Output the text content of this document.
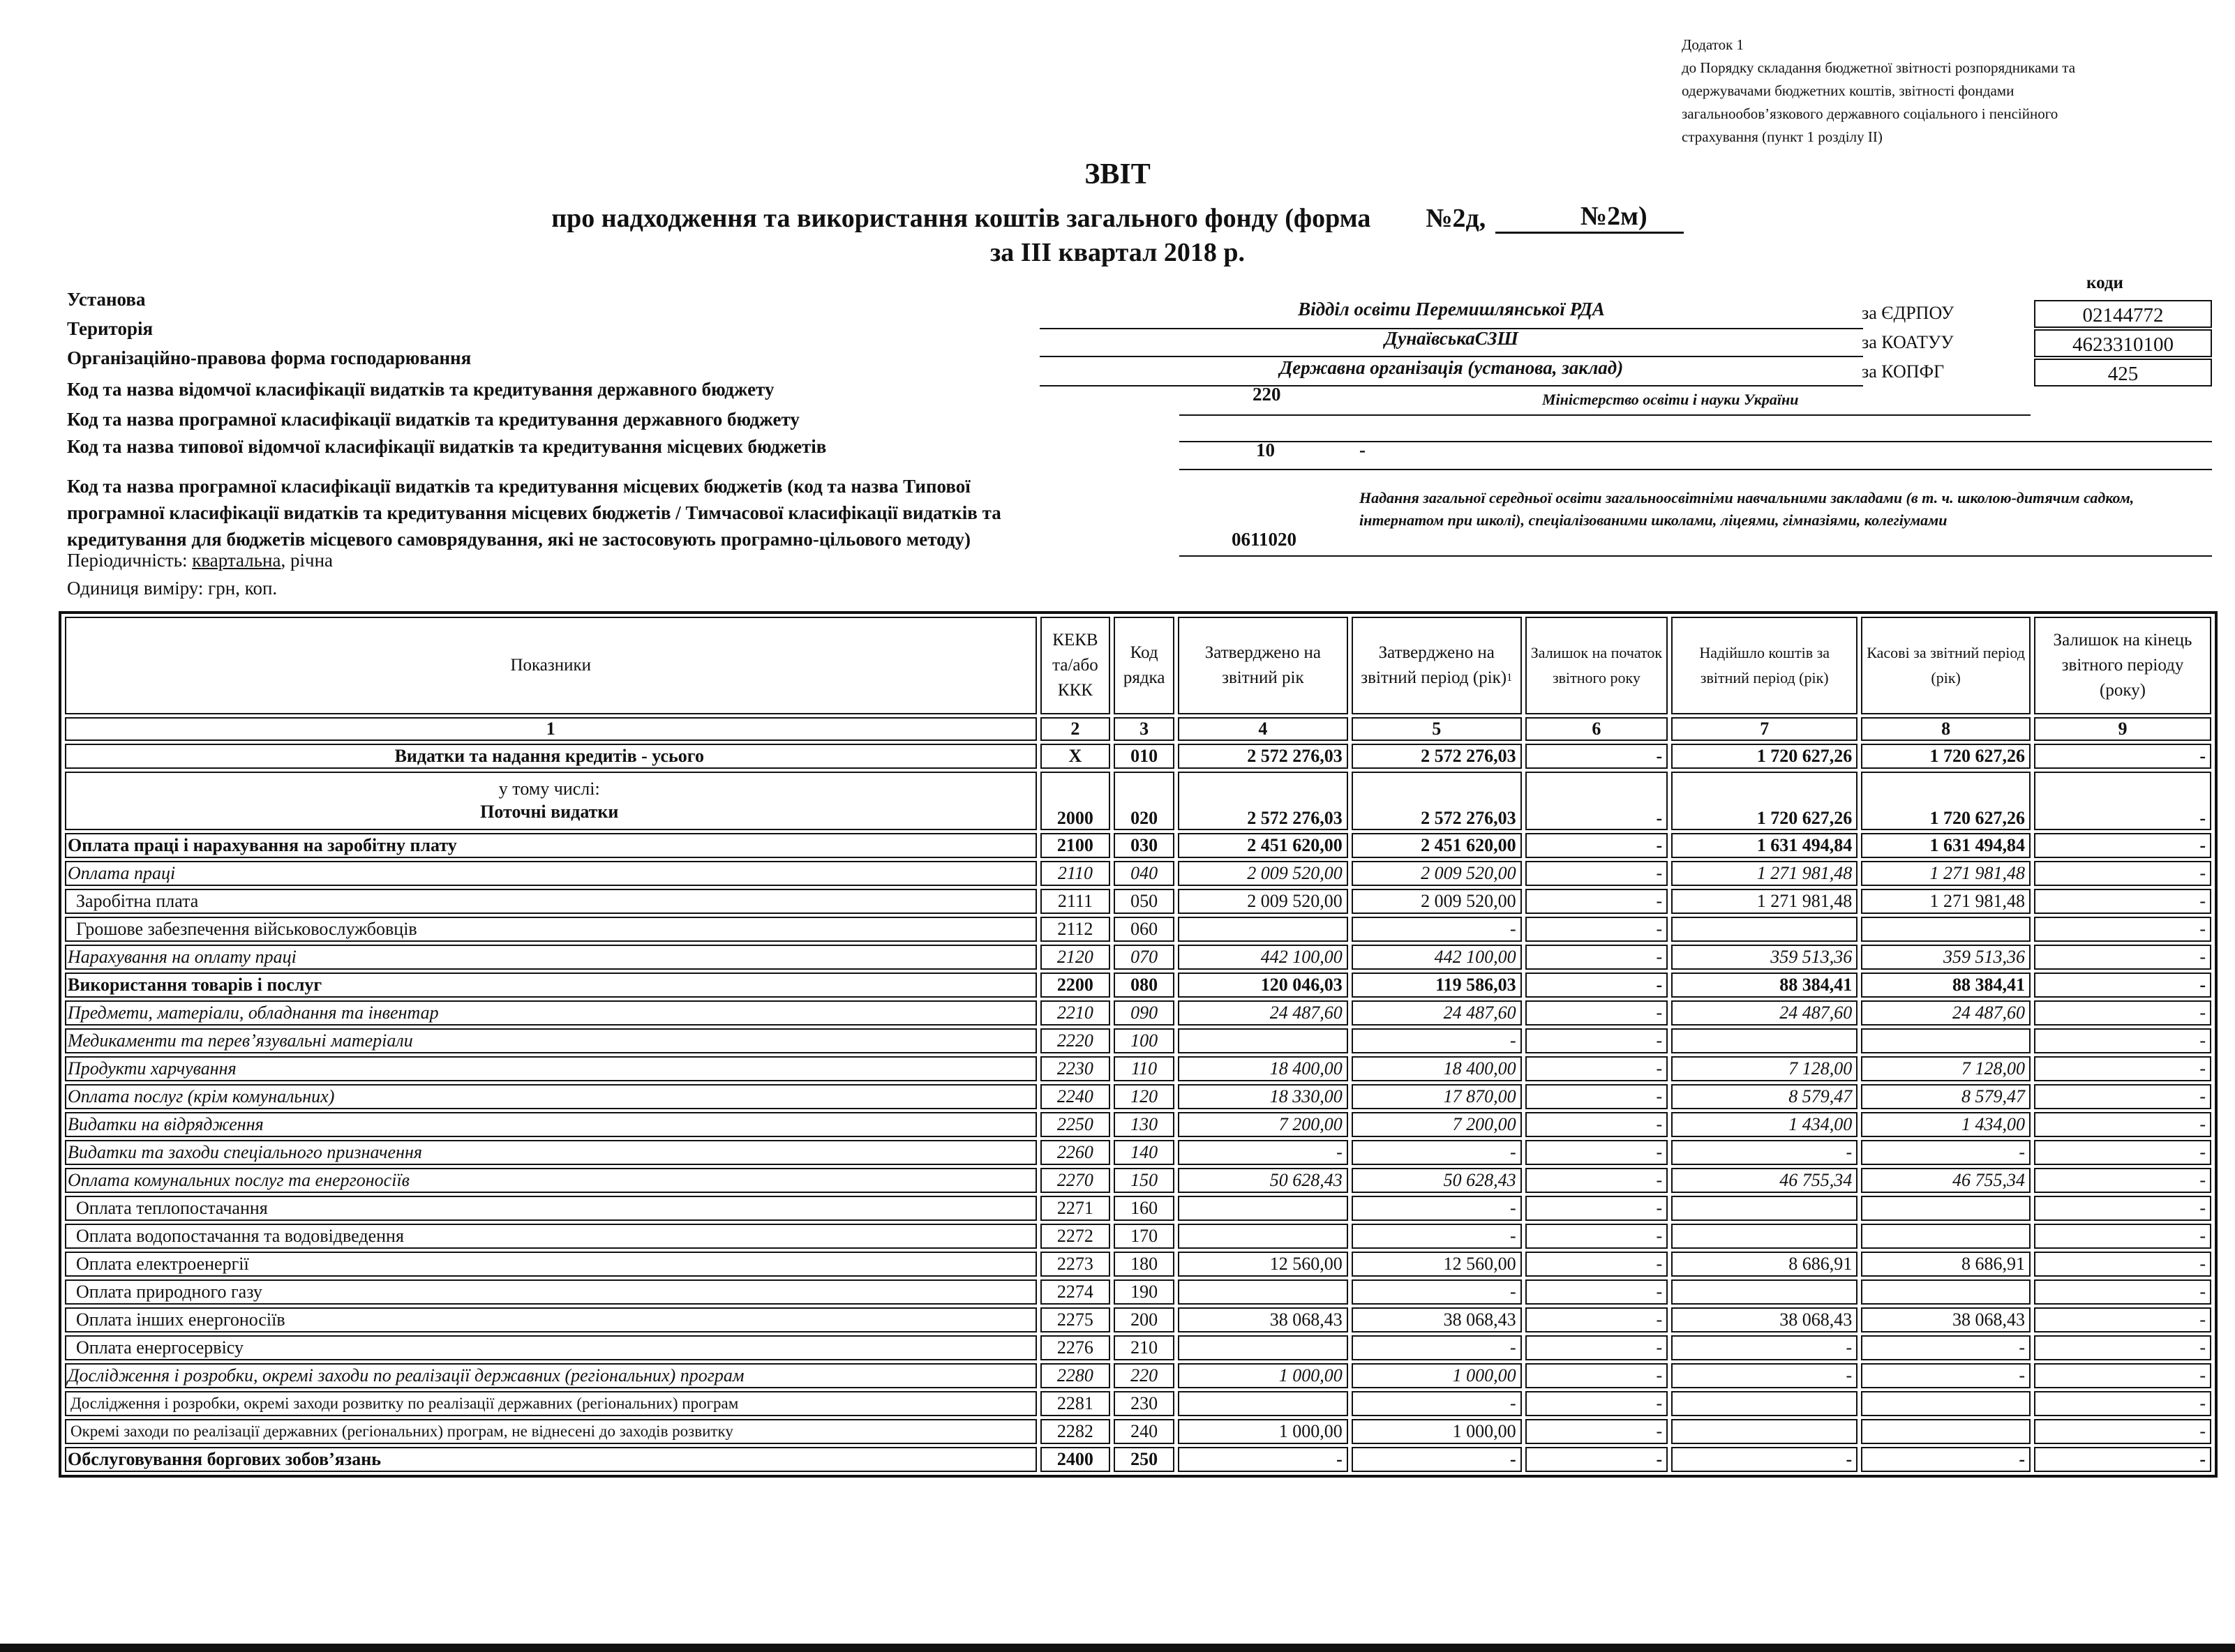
Додаток 1
до Порядку складання бюджетної звітності розпорядниками та
одержувачами бюджетних коштів, звітності фондами
загальнообов’язкового державного соціального і пенсійного
страхування (пункт 1 розділу ІІ)
ЗВІТ
про надходження та використання коштів загального фонду (форма №2д,	№2м)
за ІІІ квартал 2018 р.
коди
Установа	Відділ освіти Перемишлянської РДА	за ЄДРПОУ	02144772
Територія	ДунаївськаСЗШ	за КОАТУУ	4623310100
Організаційно-правова форма господарювання	Державна організація (установа, заклад)	за КОПФГ	425
Код та назва відомчої класифікації видатків та кредитування державного бюджету	220	Міністерство освіти і науки України
Код та назва програмної класифікації видатків та кредитування державного бюджету
Код та назва типової відомчої класифікації видатків та кредитування місцевих бюджетів	10	-
Код та назва програмної класифікації видатків та кредитування місцевих бюджетів (код та назва Типової
програмної класифікації видатків та кредитування місцевих бюджетів / Тимчасової класифікації видатків та
кредитування для бюджетів місцевого самоврядування, які не застосовують програмно-цільового методу)	0611020
Надання загальної середньої освіти загальноосвітніми навчальними закладами (в т. ч. школою-дитячим садком, інтернатом при школі), спеціалізованими школами, ліцеями, гімназіями, колегіумами
Періодичність: квартальна, річна
Одиниця виміру: грн, коп.
Показники	КЕКВ та/або ККК	Код рядка	Затверджено на звітний рік	Затверджено на звітний період (рік)$^1$	Залишок на початок звітного року	Надійшло коштів за звітний період (рік)	Касові за звітний період (рік)	Залишок на кінець звітного періоду (року)
1	2	3	4	5	6	7	8	9
Видатки та надання кредитів - усього	X	010	2 572 276,03	2 572 276,03	-	1 720 627,26	1 720 627,26	-

у тому числі:
Поточні видатки	2000	020	2 572 276,03	2 572 276,03	-	1 720 627,26	1 720 627,26	-
Оплата праці і нарахування на заробітну плату	2100	030	2 451 620,00	2 451 620,00	-	1 631 494,84	1 631 494,84	-
Оплата праці	2110	040	2 009 520,00	2 009 520,00	-	1 271 981,48	1 271 981,48	-
Заробітна плата	2111	050	2 009 520,00	2 009 520,00	-	1 271 981,48	1 271 981,48	-
Грошове забезпечення військовослужбовців	2112	060		-	-			-
Нарахування на оплату праці	2120	070	442 100,00	442 100,00	-	359 513,36	359 513,36	-
Використання товарів і послуг	2200	080	120 046,03	119 586,03	-	88 384,41	88 384,41	-
Предмети, матеріали, обладнання та інвентар	2210	090	24 487,60	24 487,60	-	24 487,60	24 487,60	-
Медикаменти та перев’язувальні матеріали	2220	100		-	-			-
Продукти харчування	2230	110	18 400,00	18 400,00	-	7 128,00	7 128,00	-
Оплата послуг (крім комунальних)	2240	120	18 330,00	17 870,00	-	8 579,47	8 579,47	-
Видатки на відрядження	2250	130	7 200,00	7 200,00	-	1 434,00	1 434,00	-
Видатки та заходи спеціального призначення	2260	140	-	-	-	-	-	-
Оплата комунальних послуг та енергоносіїв	2270	150	50 628,43	50 628,43	-	46 755,34	46 755,34	-
Оплата теплопостачання	2271	160		-	-			-
Оплата водопостачання та водовідведення	2272	170		-	-			-
Оплата електроенергії	2273	180	12 560,00	12 560,00	-	8 686,91	8 686,91	-
Оплата природного газу	2274	190		-	-			-
Оплата інших енергоносіїв	2275	200	38 068,43	38 068,43	-	38 068,43	38 068,43	-
Оплата енергосервісу	2276	210		-	-	-	-	-
Дослідження і розробки, окремі заходи по реалізації державних (регіональних) програм	2280	220	1 000,00	1 000,00	-	-	-	-
Дослідження і розробки, окремі заходи розвитку по реалізації державних (регіональних) програм	2281	230		-	-			-
Окремі заходи по реалізації державних (регіональних) програм, не віднесені до заходів розвитку	2282	240	1 000,00	1 000,00	-			-
Обслуговування боргових зобов’язань	2400	250	-	-	-	-	-	-
